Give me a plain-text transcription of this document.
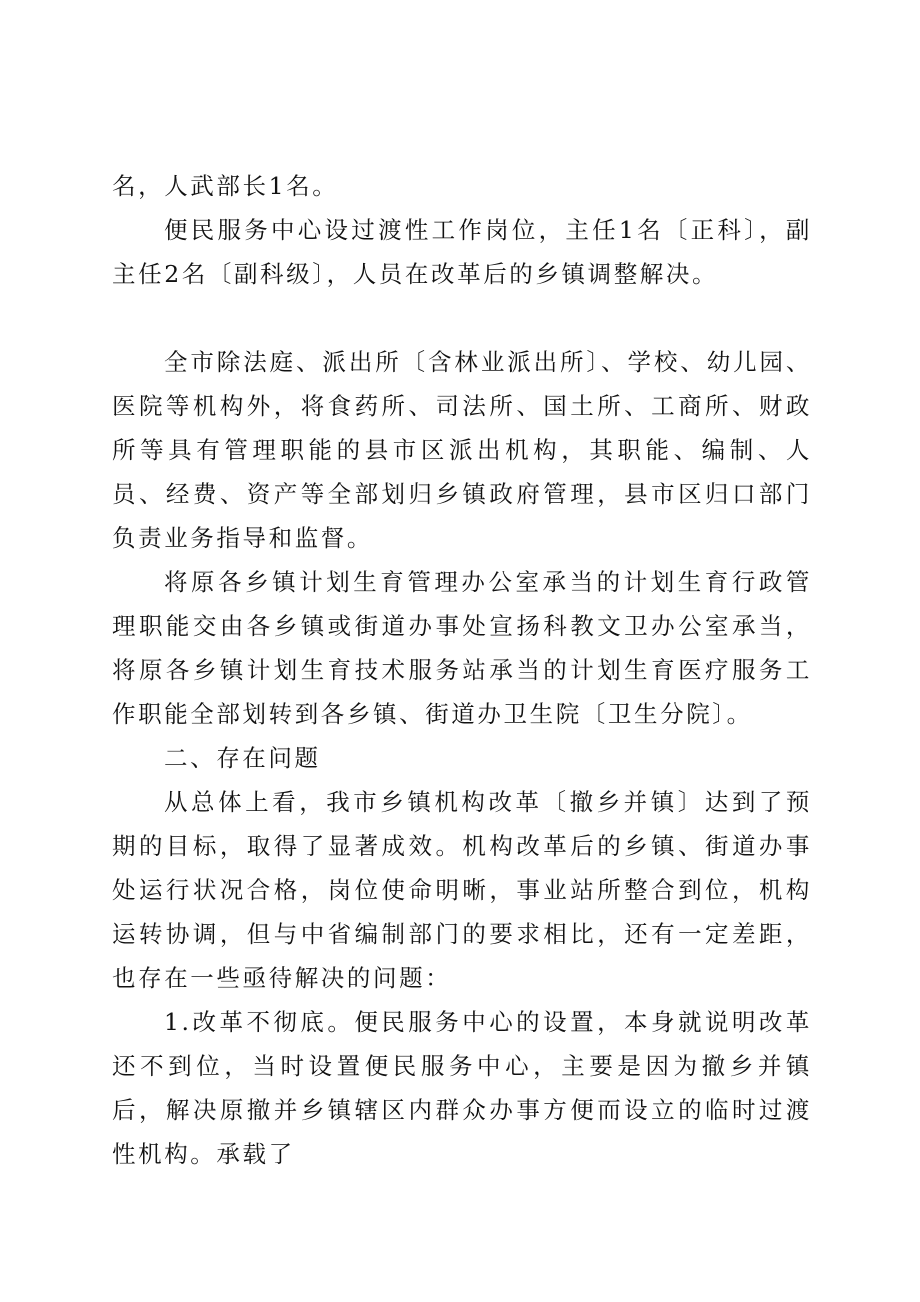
名，人武部长1名。

便民服务中心设过渡性工作岗位，主任1名〔正科〕，副主任2名〔副科级〕，人员在改革后的乡镇调整解决。

全市除法庭、派出所〔含林业派出所〕、学校、幼儿园、医院等机构外，将食药所、司法所、国土所、工商所、财政所等具有管理职能的县市区派出机构，其职能、编制、人员、经费、资产等全部划归乡镇政府管理，县市区归口部门负责业务指导和监督。

将原各乡镇计划生育管理办公室承当的计划生育行政管理职能交由各乡镇或街道办事处宣扬科教文卫办公室承当，将原各乡镇计划生育技术服务站承当的计划生育医疗服务工作职能全部划转到各乡镇、街道办卫生院〔卫生分院〕。

二、存在问题

从总体上看，我市乡镇机构改革〔撤乡并镇〕达到了预期的目标，取得了显著成效。机构改革后的乡镇、街道办事处运行状况合格，岗位使命明晰，事业站所整合到位，机构运转协调，但与中省编制部门的要求相比，还有一定差距，也存在一些亟待解决的问题：

1.改革不彻底。便民服务中心的设置，本身就说明改革还不到位，当时设置便民服务中心，主要是因为撤乡并镇后，解决原撤并乡镇辖区内群众办事方便而设立的临时过渡性机构。承载了
